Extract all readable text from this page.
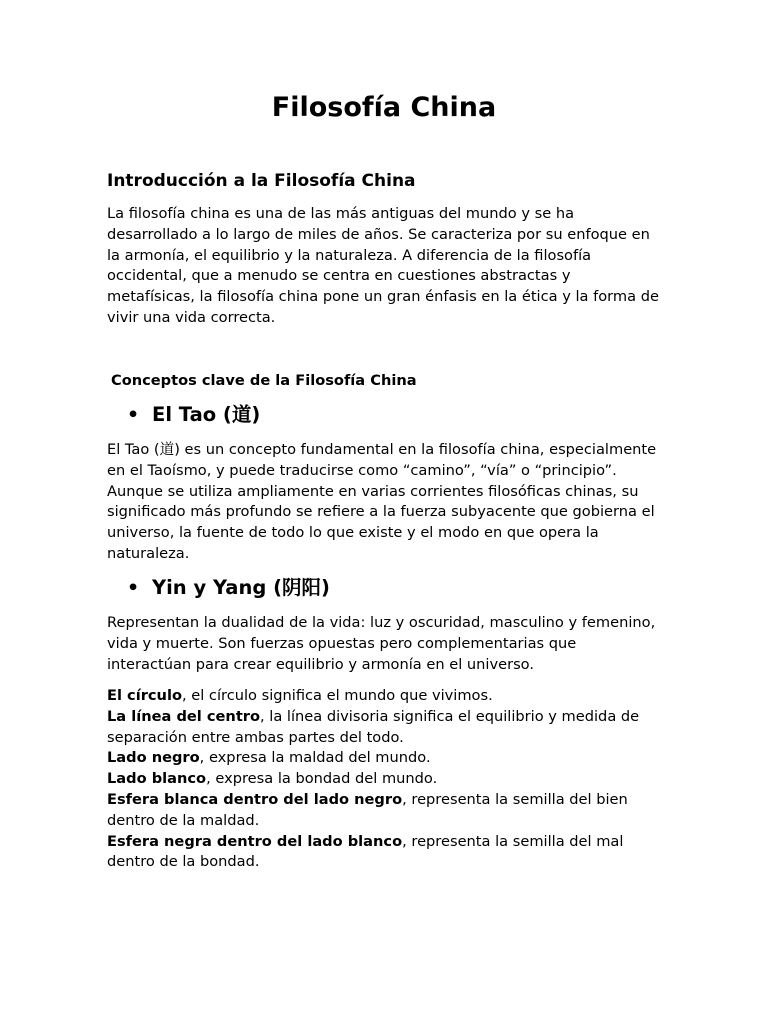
Filosofía China
Introducción a la Filosofía China

La filosofía china es una de las más antiguas del mundo y se ha desarrollado a lo largo de miles de años. Se caracteriza por su enfoque en la armonía, el equilibrio y la naturaleza. A diferencia de la filosofía occidental, que a menudo se centra en cuestiones abstractas y metafísicas, la filosofía china pone un gran énfasis en la ética y la forma de vivir una vida correcta.

Conceptos clave de la Filosofía China
• El Tao (道)

El Tao (道) es un concepto fundamental en la filosofía china, especialmente en el Taoísmo, y puede traducirse como “camino”, “vía” o “principio”. Aunque se utiliza ampliamente en varias corrientes filosóficas chinas, su significado más profundo se refiere a la fuerza subyacente que gobierna el universo, la fuente de todo lo que existe y el modo en que opera la naturaleza.

• Yin y Yang (阴阳)

Representan la dualidad de la vida: luz y oscuridad, masculino y femenino, vida y muerte. Son fuerzas opuestas pero complementarias que interactúan para crear equilibrio y armonía en el universo.

El círculo, el círculo significa el mundo que vivimos.
La línea del centro, la línea divisoria significa el equilibrio y medida de separación entre ambas partes del todo.
Lado negro, expresa la maldad del mundo.
Lado blanco, expresa la bondad del mundo.
Esfera blanca dentro del lado negro, representa la semilla del bien dentro de la maldad.
Esfera negra dentro del lado blanco, representa la semilla del mal dentro de la bondad.
